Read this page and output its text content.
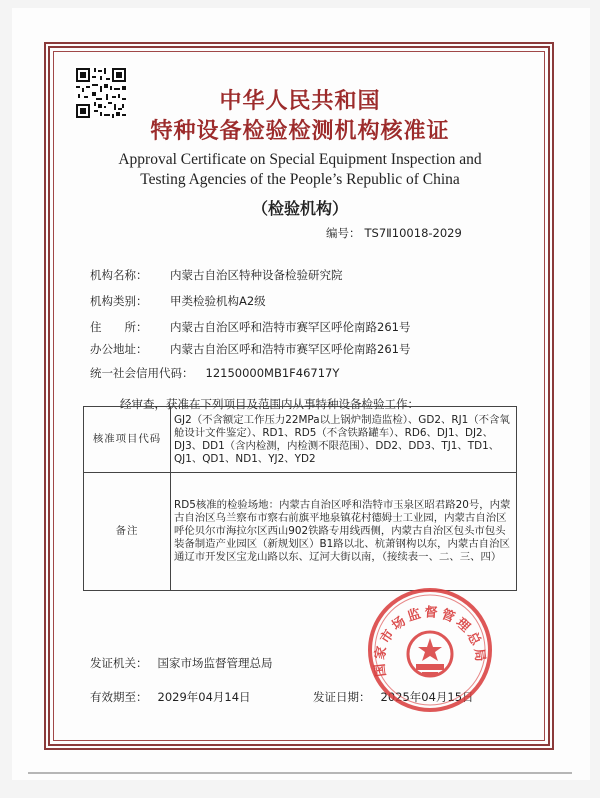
中华人民共和国
特种设备检验检测机构核准证
Approval Certificate on Special Equipment Inspection and
Testing Agencies of the People’s Republic of China
（检验机构）
编号： TS7Ⅱ10018-2029
机构名称： 内蒙古自治区特种设备检验研究院
机构类别： 甲类检验机构A2级
住　　所： 内蒙古自治区呼和浩特市赛罕区呼伦南路261号
办公地址： 内蒙古自治区呼和浩特市赛罕区呼伦南路261号
统一社会信用代码： 12150000MB1F46717Y
经审查，获准在下列项目及范围内从事特种设备检验工作：
核准项目代码	GJ2（不含额定工作压力22MPa以上锅炉制造监检）、GD2、RJ1（不含氧舱设计文件鉴定）、RD1、RD5（不含铁路罐车）、RD6、DJ1、DJ2、DJ3、DD1（含内检测，内检测不限范围）、DD2、DD3、TJ1、TD1、QJ1、QD1、ND1、YJ2、YD2
备注	RD5核准的检验场地：内蒙古自治区呼和浩特市玉泉区昭君路20号，内蒙古自治区乌兰察布市察右前旗平地泉镇花村德姆士工业园，内蒙古自治区呼伦贝尔市海拉尔区西山902铁路专用线西侧，内蒙古自治区包头市包头装备制造产业园区（新规划区）B1路以北、杭萧钢构以东，内蒙古自治区通辽市开发区宝龙山路以东、辽河大街以南，（接续表一、二、三、四）
发证机关： 国家市场监督管理总局
有效期至： 2029年04月14日	发证日期： 2025年04月15日
国家市场监督管理总局
